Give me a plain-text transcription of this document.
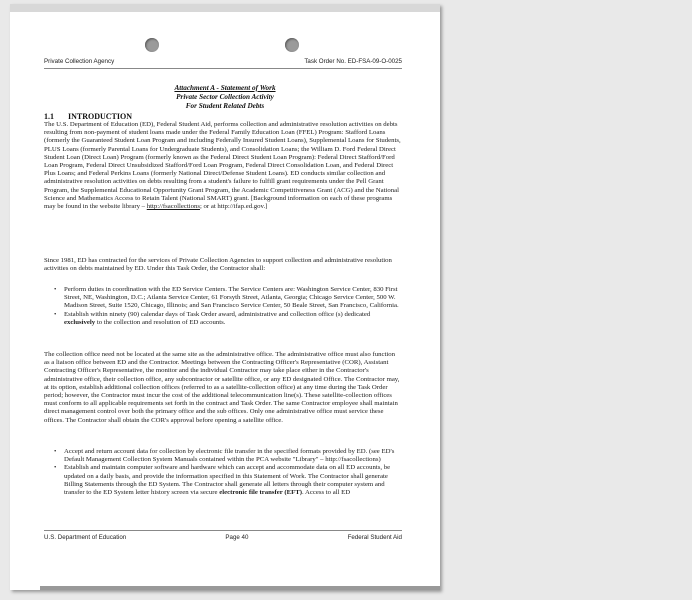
Private Collection Agency	Task Order No. ED-FSA-09-O-0025
Attachment A - Statement of Work
Private Sector Collection Activity
For Student Related Debts
1.1 INTRODUCTION
The U.S. Department of Education (ED), Federal Student Aid, performs collection and administrative resolution activities on debts resulting from non-payment of student loans made under the Federal Family Education Loan (FFEL) Program: Stafford Loans (formerly the Guaranteed Student Loan Program and including Federally Insured Student Loans), Supplemental Loans for Students, PLUS Loans (formerly Parental Loans for Undergraduate Students), and Consolidation Loans; the William D. Ford Federal Direct Student Loan (Direct Loan) Program (formerly known as the Federal Direct Student Loan Program): Federal Direct Stafford/Ford Loan Program, Federal Direct Unsubsidized Stafford/Ford Loan Program, Federal Direct Consolidation Loan, and Federal Direct Plus Loans; and Federal Perkins Loans (formerly National Direct/Defense Student Loans). ED conducts similar collection and administrative resolution activities on debts resulting from a student's failure to fulfill grant requirements under the Pell Grant Program, the Supplemental Educational Opportunity Grant Program, the Academic Competitiveness Grant (ACG) and the National Science and Mathematics Access to Retain Talent (National SMART) grant. [Background information on each of these programs may be found in the website library – http://fsacollections; or at http://ifap.ed.gov.]
Since 1981, ED has contracted for the services of Private Collection Agencies to support collection and administrative resolution activities on debts maintained by ED. Under this Task Order, the Contractor shall:
• Perform duties in coordination with the ED Service Centers. The Service Centers are: Washington Service Center, 830 First Street, NE, Washington, D.C.; Atlanta Service Center, 61 Forsyth Street, Atlanta, Georgia; Chicago Service Center, 500 W. Madison Street, Suite 1520, Chicago, Illinois; and San Francisco Service Center, 50 Beale Street, San Francisco, California.
• Establish within ninety (90) calendar days of Task Order award, administrative and collection office (s) dedicated exclusively to the collection and resolution of ED accounts.
The collection office need not be located at the same site as the administrative office. The administrative office must also function as a liaison office between ED and the Contractor. Meetings between the Contracting Officer's Representative (COR), Assistant Contracting Officer's Representative, the monitor and the individual Contractor may take place either in the Contractor's administrative office, their collection office, any subcontractor or satellite office, or any ED designated Office. The Contractor may, at its option, establish additional collection offices (referred to as a satellite-collection office) at any time during the Task Order period; however, the Contractor must incur the cost of the additional telecommunication line(s). These satellite-collection offices must conform to all applicable requirements set forth in the contract and Task Order. The same Contractor employee shall maintain direct management control over both the primary office and the sub offices. Only one administrative office must service these offices. The Contractor shall obtain the COR's approval before opening a satellite office.
• Accept and return account data for collection by electronic file transfer in the specified formats provided by ED. (see ED's Default Management Collection System Manuals contained within the PCA website "Library" – http://fsacollections)
• Establish and maintain computer software and hardware which can accept and accommodate data on all ED accounts, be updated on a daily basis, and provide the information specified in this Statement of Work. The Contractor shall generate Billing Statements through the ED System. The Contractor shall generate all letters through their computer system and transfer to the ED System letter history screen via secure electronic file transfer (EFT). Access to all ED
U.S. Department of Education	Page 40	Federal Student Aid
